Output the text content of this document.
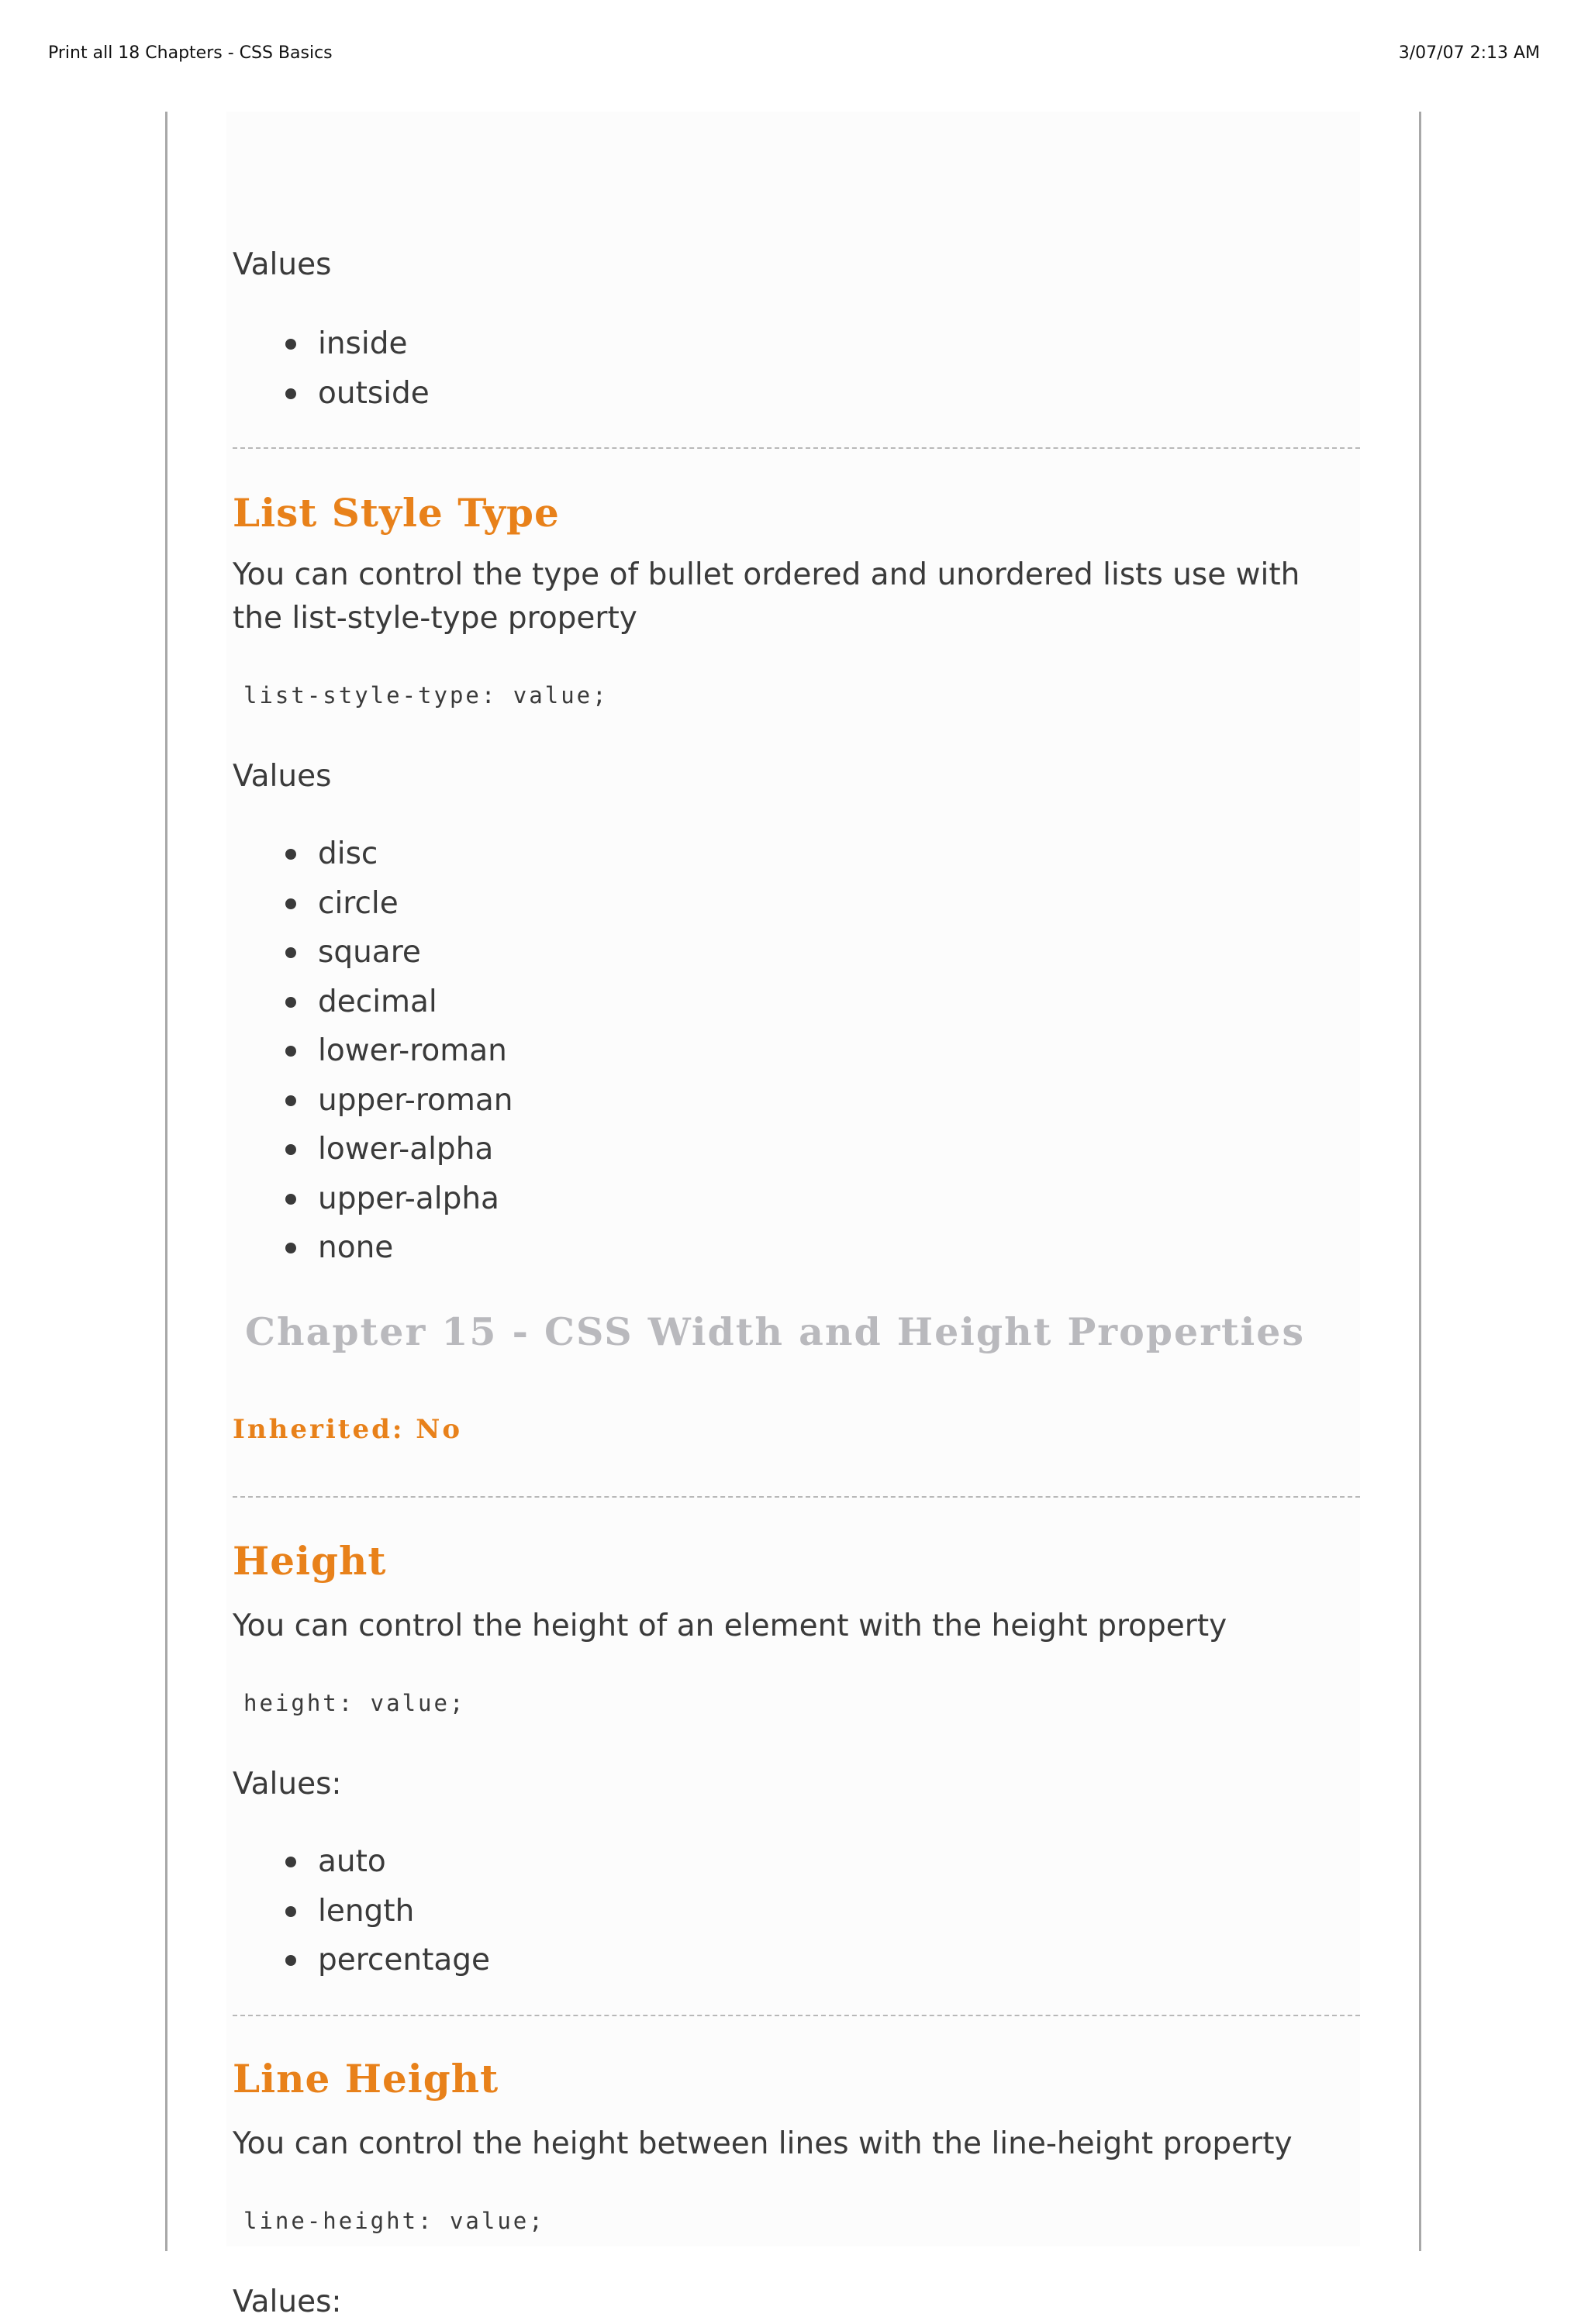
Print all 18 Chapters - CSS Basics	3/07/07 2:13 AM

Values

inside
outside
List Style Type

You can control the type of bullet ordered and unordered lists use with
the list-style-type property

list-style-type: value;

Values

disc
circle
square
decimal
lower-roman
upper-roman
lower-alpha
upper-alpha
none
Chapter 15 - CSS Width and Height Properties
Inherited: No
Height

You can control the height of an element with the height property

height: value;

Values:

auto
length
percentage
Line Height

You can control the height between lines with the line-height property

line-height: value;

Values:
